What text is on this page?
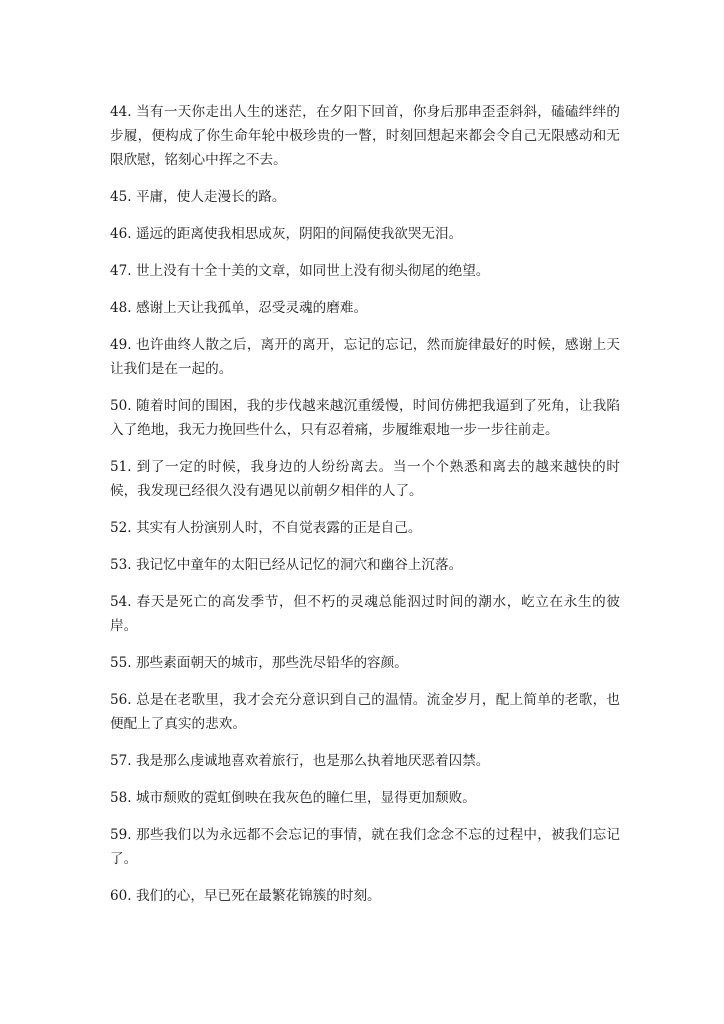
44. 当有一天你走出人生的迷茫，在夕阳下回首，你身后那串歪歪斜斜，磕磕绊绊的步履，便构成了你生命年轮中极珍贵的一瞥，时刻回想起来都会令自己无限感动和无限欣慰，铭刻心中挥之不去。

45. 平庸，使人走漫长的路。

46. 遥远的距离使我相思成灰，阴阳的间隔使我欲哭无泪。

47. 世上没有十全十美的文章，如同世上没有彻头彻尾的绝望。

48. 感谢上天让我孤单，忍受灵魂的磨难。

49. 也许曲终人散之后，离开的离开，忘记的忘记，然而旋律最好的时候，感谢上天让我们是在一起的。

50. 随着时间的围困，我的步伐越来越沉重缓慢，时间仿佛把我逼到了死角，让我陷入了绝地，我无力挽回些什么，只有忍着痛，步履维艰地一步一步往前走。

51. 到了一定的时候，我身边的人纷纷离去。当一个个熟悉和离去的越来越快的时候，我发现已经很久没有遇见以前朝夕相伴的人了。

52. 其实有人扮演别人时，不自觉表露的正是自己。

53. 我记忆中童年的太阳已经从记忆的洞穴和幽谷上沉落。

54. 春天是死亡的高发季节，但不朽的灵魂总能泅过时间的潮水，屹立在永生的彼岸。

55. 那些素面朝天的城市，那些洗尽铅华的容颜。

56. 总是在老歌里，我才会充分意识到自己的温情。流金岁月，配上简单的老歌，也便配上了真实的悲欢。

57. 我是那么虔诚地喜欢着旅行，也是那么执着地厌恶着囚禁。

58. 城市颓败的霓虹倒映在我灰色的瞳仁里，显得更加颓败。

59. 那些我们以为永远都不会忘记的事情，就在我们念念不忘的过程中，被我们忘记了。

60. 我们的心，早已死在最繁花锦簇的时刻。
